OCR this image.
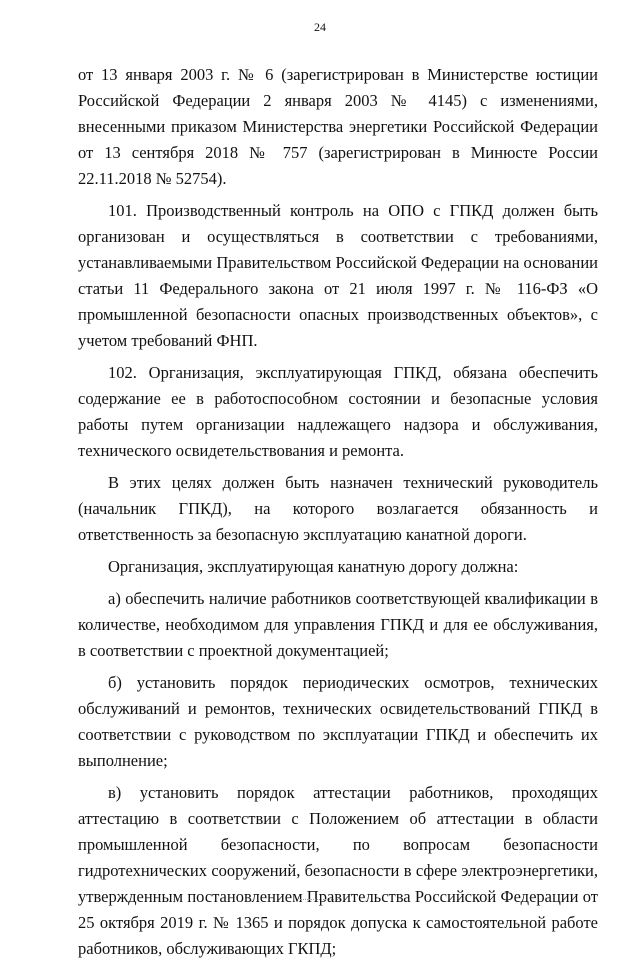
24

от 13 января 2003 г. № 6 (зарегистрирован в Министерстве юстиции Российской Федерации 2 января 2003 № 4145) с изменениями, внесенными приказом Министерства энергетики Российской Федерации от 13 сентября 2018 № 757 (зарегистрирован в Минюсте России 22.11.2018 № 52754).

101. Производственный контроль на ОПО с ГПКД должен быть организован и осуществляться в соответствии с требованиями, устанавливаемыми Правительством Российской Федерации на основании статьи 11 Федерального закона от 21 июля 1997 г. № 116-ФЗ «О промышленной безопасности опасных производственных объектов», с учетом требований ФНП.

102. Организация, эксплуатирующая ГПКД, обязана обеспечить содержание ее в работоспособном состоянии и безопасные условия работы путем организации надлежащего надзора и обслуживания, технического освидетельствования и ремонта.

В этих целях должен быть назначен технический руководитель (начальник ГПКД), на которого возлагается обязанность и ответственность за безопасную эксплуатацию канатной дороги.

Организация, эксплуатирующая канатную дорогу должна:

а) обеспечить наличие работников соответствующей квалификации в количестве, необходимом для управления ГПКД и для ее обслуживания, в соответствии с проектной документацией;

б) установить порядок периодических осмотров, технических обслуживаний и ремонтов, технических освидетельствований ГПКД в соответствии с руководством по эксплуатации ГПКД и обеспечить их выполнение;

в) установить порядок аттестации работников, проходящих аттестацию в соответствии с Положением об аттестации в области промышленной безопасности, по вопросам безопасности гидротехнических сооружений, безопасности в сфере электроэнергетики, утвержденным постановлением Правительства Российской Федерации от 25 октября 2019 г. № 1365 и порядок допуска к самостоятельной работе работников, обслуживающих ГКПД;
